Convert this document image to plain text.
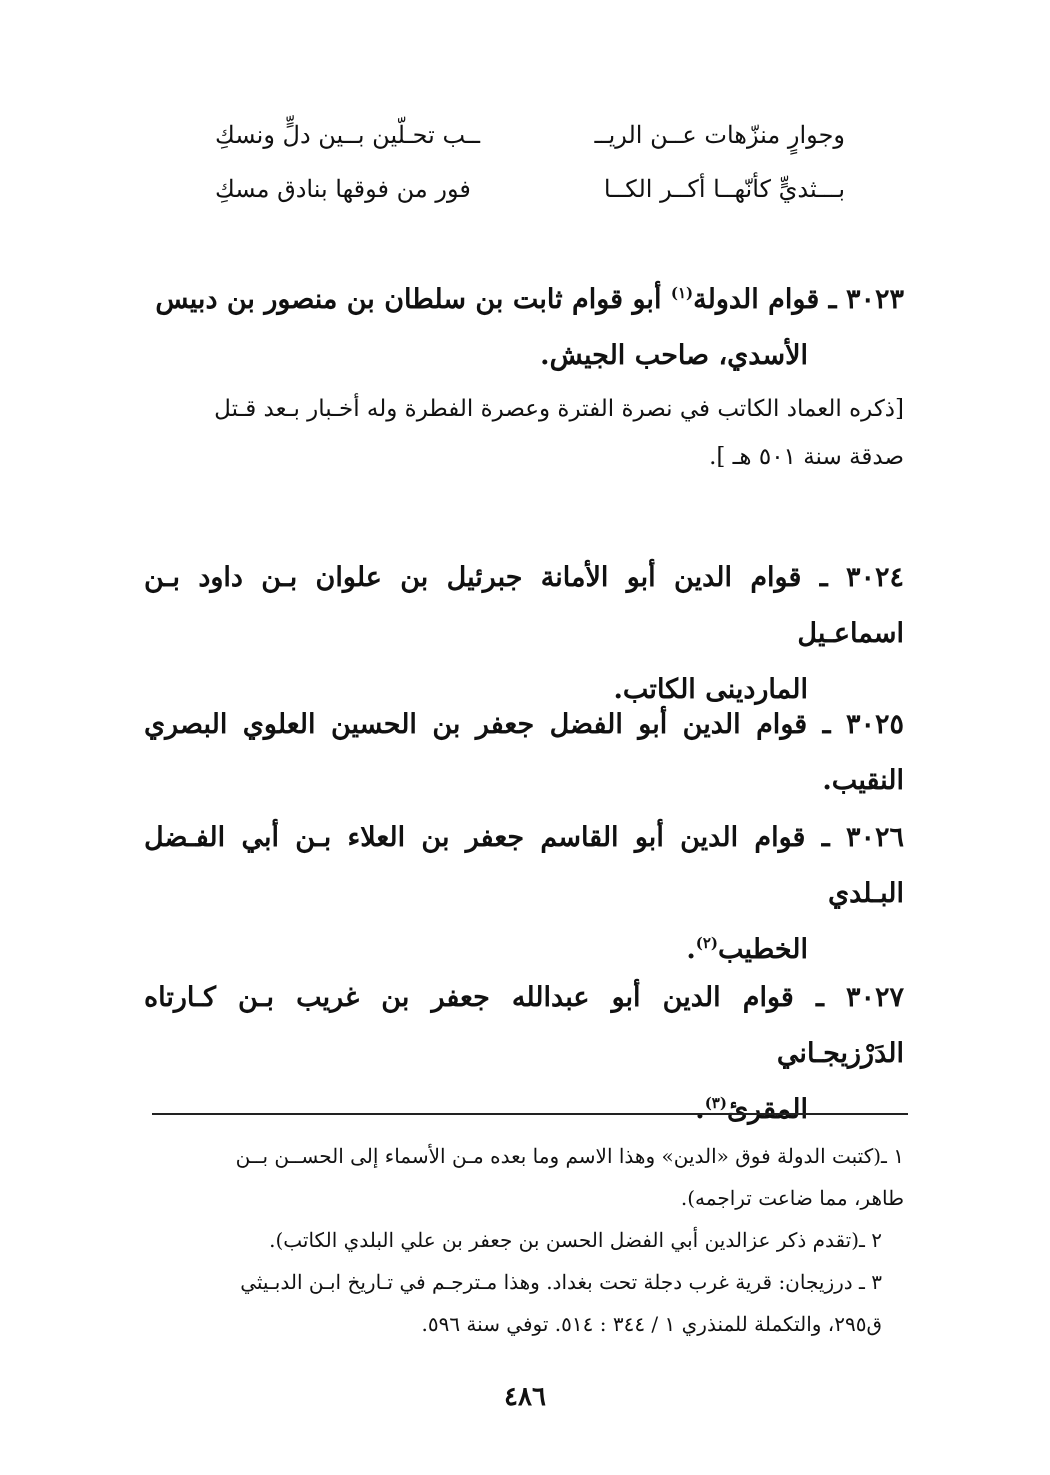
وجوارٍ منزّهات عــن الريــ
ــب تحـلّين بــين دلٍّ ونسكِ
بـــثديٍّ كأنّهــا أكــر الكــا
فور من فوقها بنادق مسكِ
٣٠٢٣ ـ قوام الدولة$^{(١)}$ أبو قوام ثابت بن سلطان بن منصور بن دبيس
الأسدي، صاحب الجيش.
[ذكره العماد الكاتب في نصرة الفترة وعصرة الفطرة وله أخـبار بـعد قـتل
صدقة سنة ٥٠١ هـ ].
٣٠٢٤ ـ قوام الدين أبو الأمانة جبرئيل بن علوان بـن داود بـن اسماعـيل
الماردينى الكاتب.
٣٠٢٥ ـ قوام الدين أبو الفضل جعفر بن الحسين العلوي البصري النقيب.
٣٠٢٦ ـ قوام الدين أبو القاسم جعفر بن العلاء بـن أبي الفـضل البـلدي
الخطيب$^{(٢)}$.
٣٠٢٧ ـ قوام الدين أبو عبدالله جعفر بن غريب بـن كـارتاه الدَرْزيجـاني
المقرئ$^{(٣)}$.

١ ـ(كتبت الدولة فوق «الدين» وهذا الاسم وما بعده مـن الأسماء إلى الحســن بــن
طاهر، مما ضاعت تراجمه).

٢ ـ(تقدم ذكر عزالدين أبي الفضل الحسن بن جعفر بن علي البلدي الكاتب).

٣ ـ درزيجان: قرية غرب دجلة تحت بغداد. وهذا مـترجـم في تـاريخ ابـن الدبـيثي
ق٢٩٥، والتكملة للمنذري ١ / ٣٤٤ : ٥١٤. توفي سنة ٥٩٦.

٤٨٦
